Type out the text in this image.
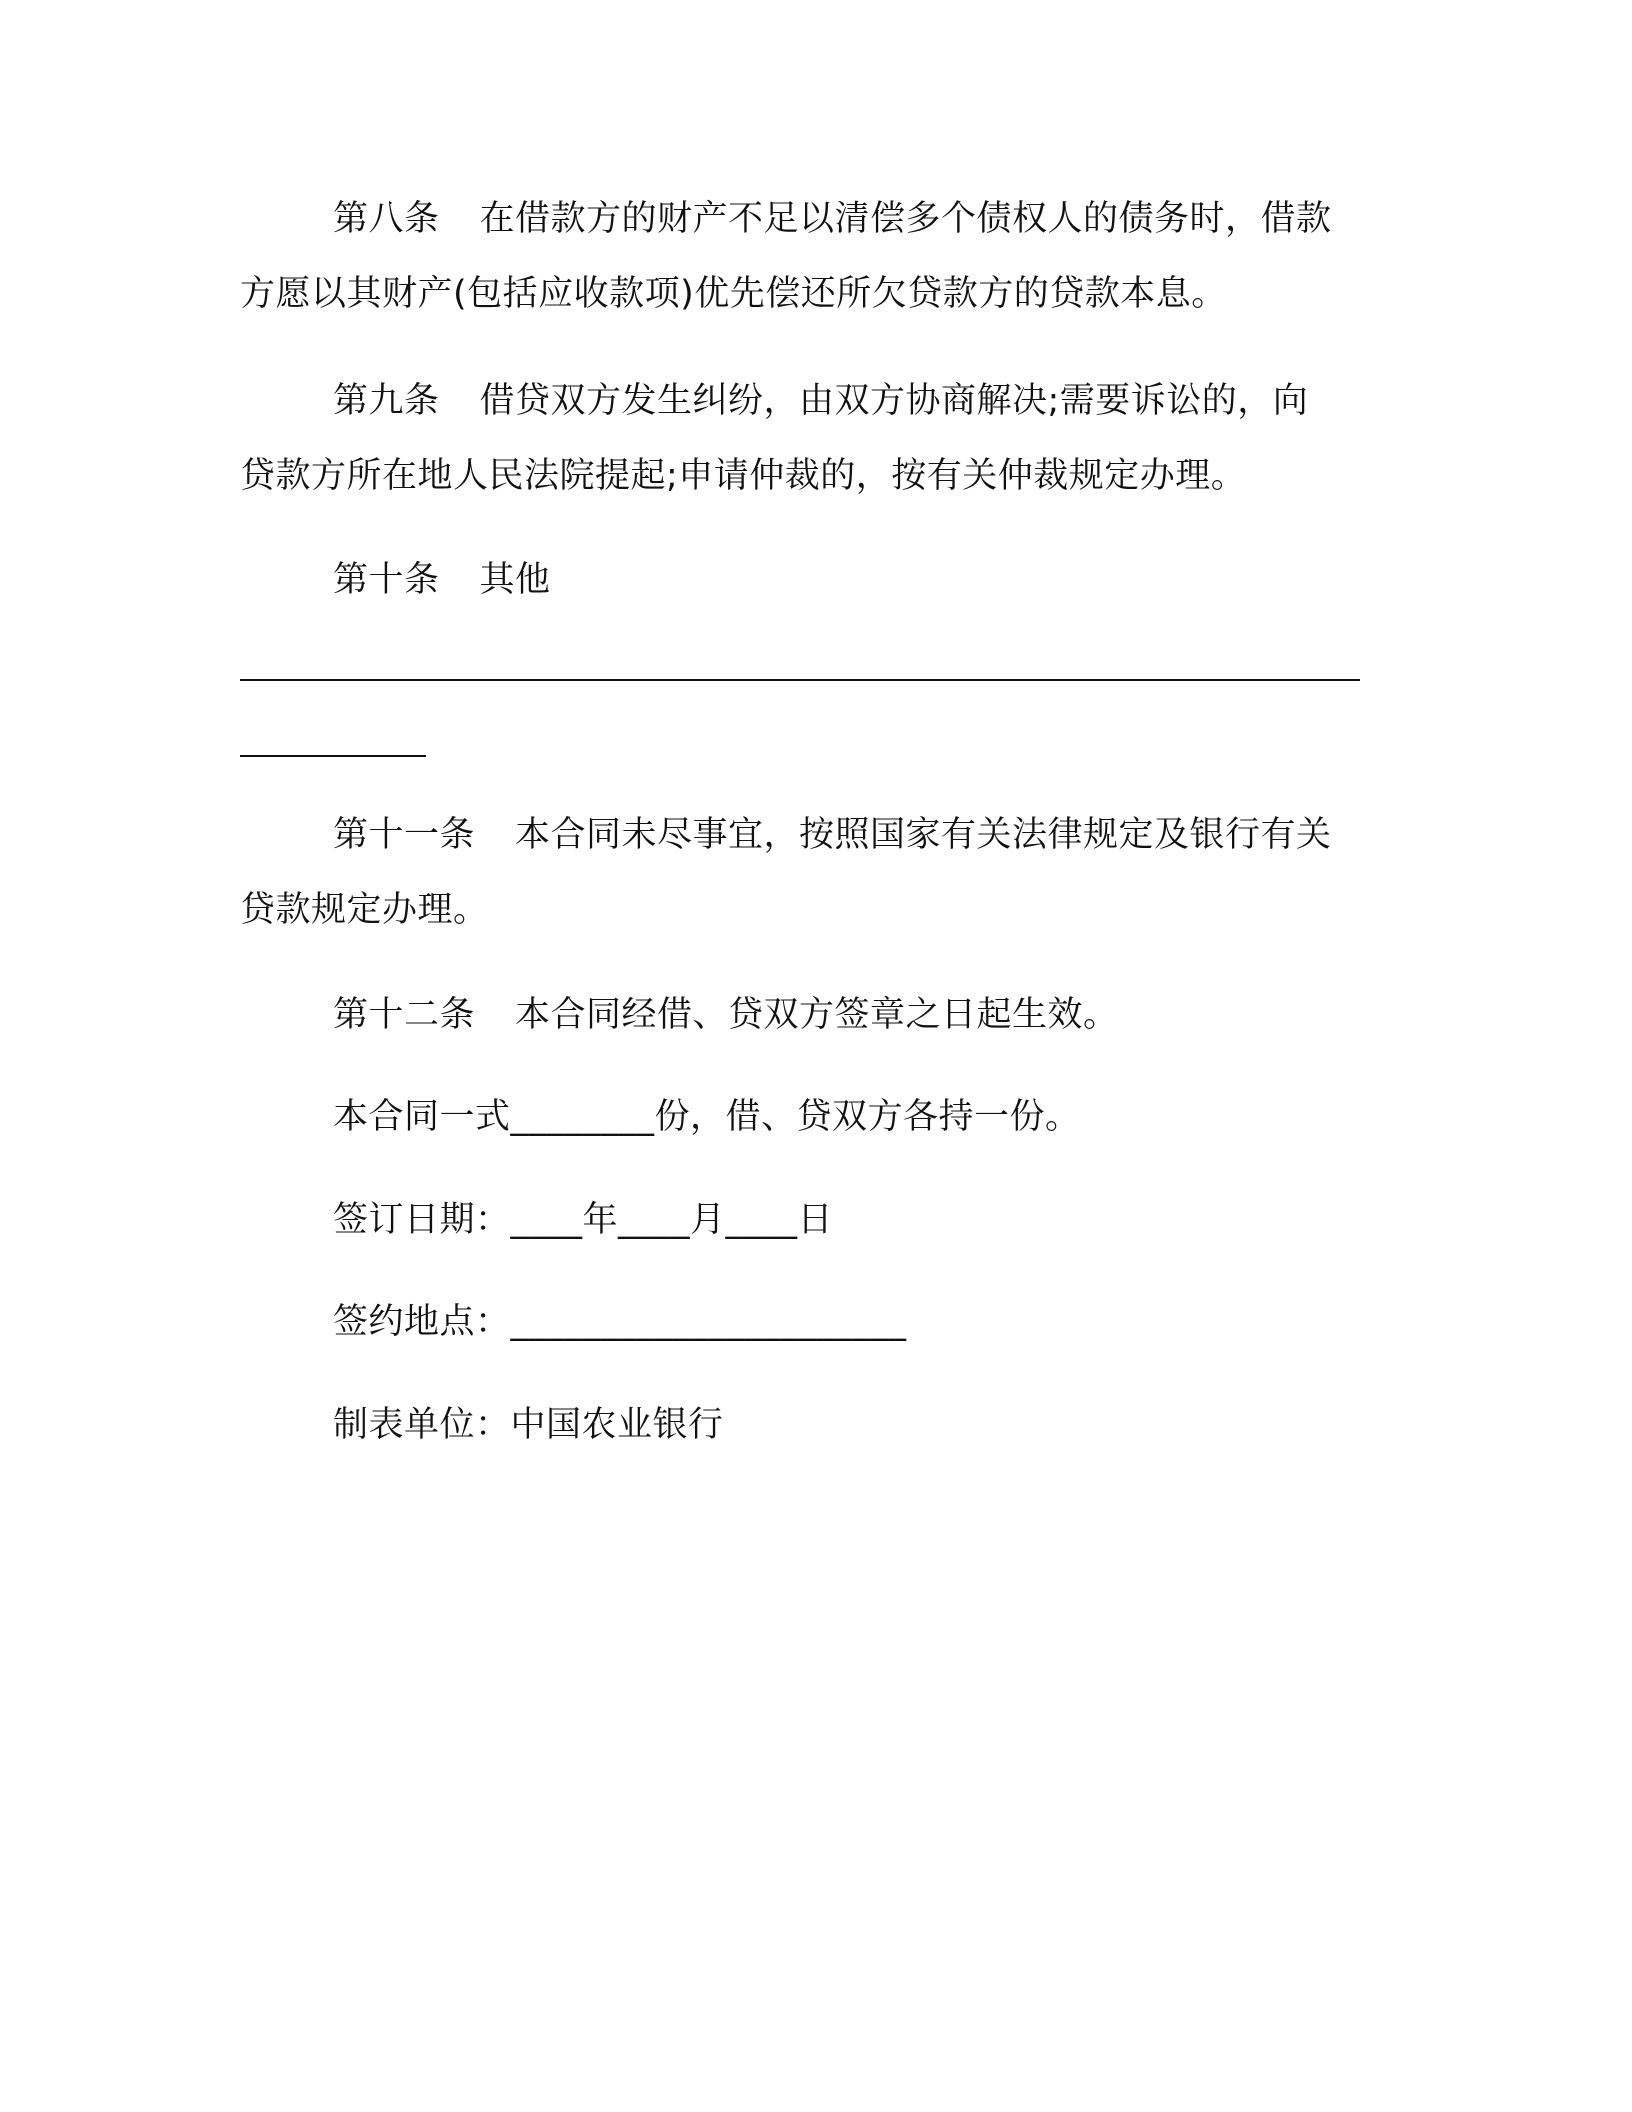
第八条 在借款方的财产不足以清偿多个债权人的债务时，借款
方愿以其财产(包括应收款项)优先偿还所欠贷款方的贷款本息。
第九条 借贷双方发生纠纷，由双方协商解决;需要诉讼的，向
贷款方所在地人民法院提起;申请仲裁的，按有关仲裁规定办理。
第十条 其他
第十一条 本合同未尽事宜，按照国家有关法律规定及银行有关
贷款规定办理。
第十二条 本合同经借、贷双方签章之日起生效。
本合同一式________份，借、贷双方各持一份。
签订日期：____年____月____日
签约地点：______________________
制表单位：中国农业银行
